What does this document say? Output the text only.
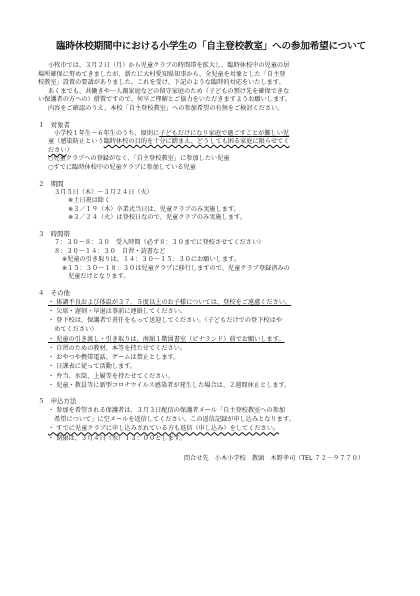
臨時休校期間中における小学生の「自主登校教室」への参加希望について
小牧市では、３月２日（月）から児童クラブの時間帯を拡大し、臨時休校中の児童の居
場所確保に努めてきましたが、新たに大村愛知県知事から、全児童を対象とした「自主登
校教室」設置の要請がありました。これを受け、下記のような臨時的対応をいたします。
あくまでも、共働きや一人親家庭などの留守家庭のため（子どもの預け先を確保できな
い保護者の方への）措置ですので、何卒ご理解とご協力をいただきますようお願いします。
内容をご確認のうえ、本校「自主登校教室」への参加希望の有無をご検討ください。
１　対象者
小学校１年生～６年生のうち、原則に子どもだけになり家庭で過ごすことが難しい児
童（感染防止という臨時休校の目的を十分に踏まえ、どうしても困る家庭に限らせてく
ださい）
○児童クラブへの登録がなく、「自主登校教室」に参加したい児童
○すでに臨時休校中の児童クラブに参加している児童
２　期間
３月５日（木）～３月２４日（火）
※土日祝は除く
※３／１９（木）卒業式当日は、児童クラブのみ実施します。
※３／２４（火）は登校日なので、児童クラブのみ実施します。
３　時間帯
７：３０～８：３０　受入時間（必ず８：３０までに登校させてください）
８：３０～１４：３０　自習・読書など
※児童の引き取りは、１４：３０～１５：３０にお願いします。
※１５：３０～１８：３０は児童クラブに移行しますので、児童クラブ登録済みの
児童だけとなります。
４　その他
・ 体調不良および体温が３７．５度以上のお子様については、登校をご遠慮ください。
・ 欠席・遅刻・早退は事前に連絡してください。
・ 登下校は、保護者で責任をもって送迎してください。（子どもだけでの登下校はや
　めてください）
・ 児童の引き渡し・引き取りは、南舘１階図書室（ピナランド）前でお願いします。
・ 自習のための教材、本等を持たせてください。
・ おやつや携帯電話、ゲームは禁止とします。
・ 日課表に従って活動します。
・ 弁当、水筒、上履等を持たせてください。
・ 児童・教員等に新型コロナウイルス感染者が発生した場合は、２週間休止とします。
５　申込方法
・ 参加を希望される保護者は、３月３日配信の保護者メール「自主登校教室への参加
　希望について」に空メールを返信してください。この返信記録が申し込みとなります。
・ すでに児童クラブに申し込みされている方も返信（申し込み）をしてください。
・ 期限は、３月４日（水）１３：００とします。
問合せ先　小木小学校　教頭　木野孝司（TEL ７２－９７７０）
